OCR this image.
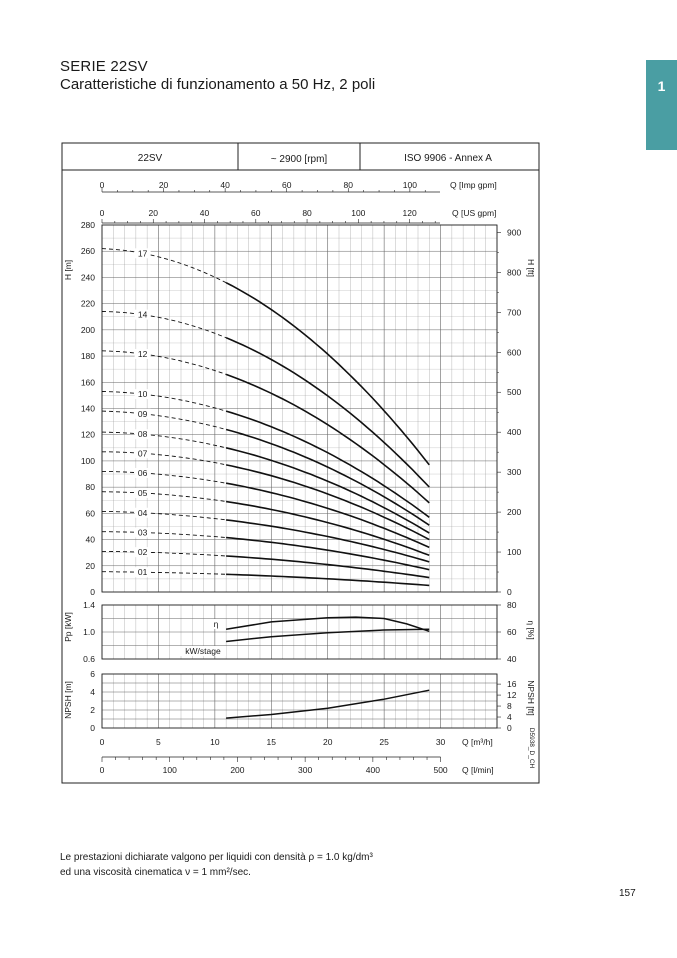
SERIE 22SV
Caratteristiche di funzionamento a 50 Hz, 2 poli	1
22SV	~ 2900 [rpm]	ISO 9906 - Annex A
0	20	40	60	80	100	Q [Imp gpm]
0	20	40	60	80	100	120	Q [US gpm]
0
20
40
60
80
100
120
140
160
180
200
220
240
260
280
0
100
200
300
400
500
600
700
800
900
H [m]	H [ft]
01
02
03
04
05
06
07
08
09
10
12
14
17
0.6
1.0
1.4
40
60
80
Pp [kW]	η [%]
η
kW/stage
0
2
4
6
0
4
8
12
16
NPSH [m]	NPSH [ft]
0	5	10	15	20	25	30 Q [m³/h]
0	100	200	300	400	500 Q [l/min]
D5938_D_CH
Le prestazioni dichiarate valgono per liquidi con densità ρ = 1.0 kg/dm³
ed una viscosità cinematica ν = 1 mm²/sec.
157
